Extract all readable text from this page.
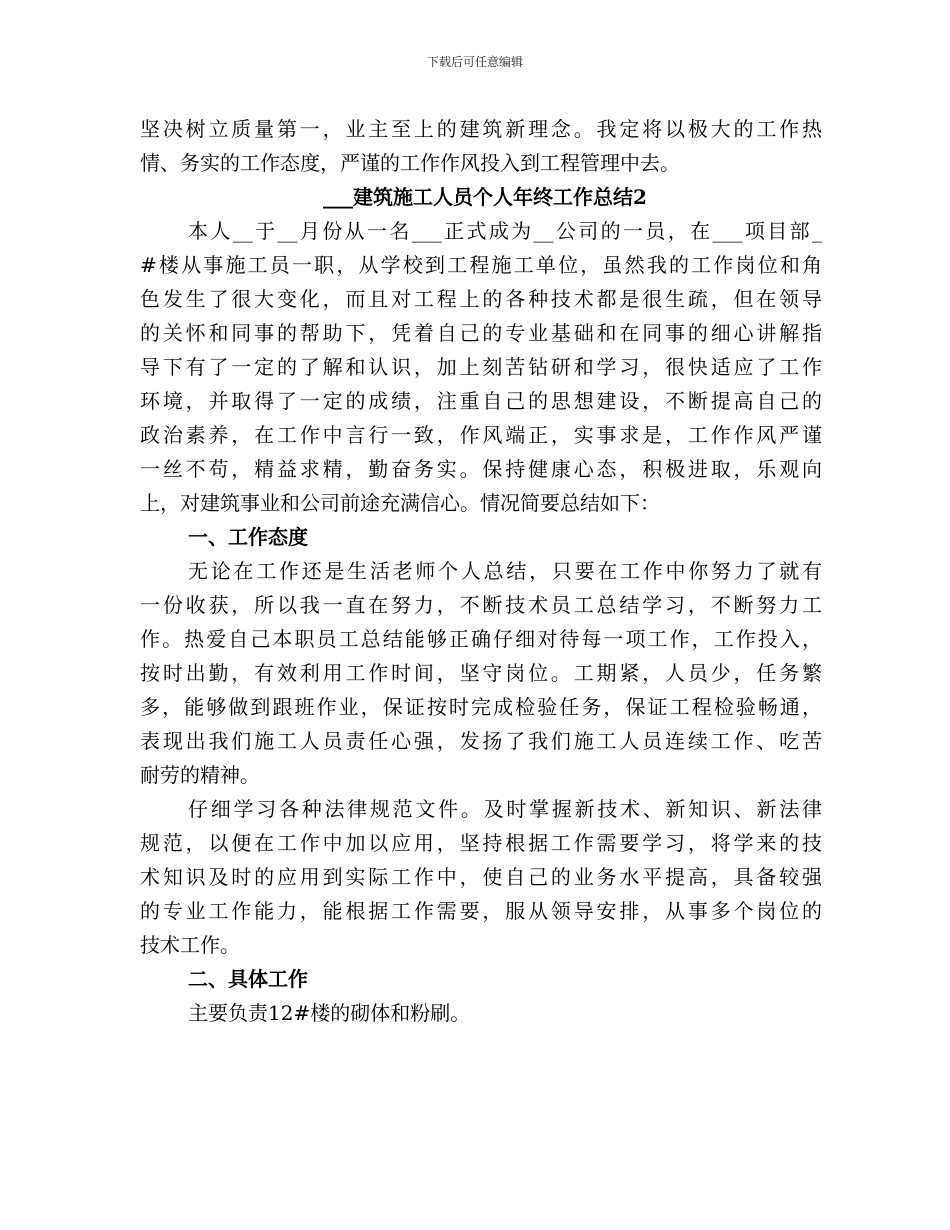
下载后可任意编辑
坚决树立质量第一，业主至上的建筑新理念。我定将以极大的工作热
情、务实的工作态度，严谨的工作作风投入到工程管理中去。
___建筑施工人员个人年终工作总结2
本人__于__月份从一名___正式成为__公司的一员，在___项目部_
#楼从事施工员一职，从学校到工程施工单位，虽然我的工作岗位和角
色发生了很大变化，而且对工程上的各种技术都是很生疏，但在领导
的关怀和同事的帮助下，凭着自己的专业基础和在同事的细心讲解指
导下有了一定的了解和认识，加上刻苦钻研和学习，很快适应了工作
环境，并取得了一定的成绩，注重自己的思想建设，不断提高自己的
政治素养，在工作中言行一致，作风端正，实事求是，工作作风严谨
一丝不苟，精益求精，勤奋务实。保持健康心态，积极进取，乐观向
上，对建筑事业和公司前途充满信心。情况简要总结如下：
一、工作态度
无论在工作还是生活老师个人总结，只要在工作中你努力了就有
一份收获，所以我一直在努力，不断技术员工总结学习，不断努力工
作。热爱自己本职员工总结能够正确仔细对待每一项工作，工作投入，
按时出勤，有效利用工作时间，坚守岗位。工期紧，人员少，任务繁
多，能够做到跟班作业，保证按时完成检验任务，保证工程检验畅通，
表现出我们施工人员责任心强，发扬了我们施工人员连续工作、吃苦
耐劳的精神。
仔细学习各种法律规范文件。及时掌握新技术、新知识、新法律
规范，以便在工作中加以应用，坚持根据工作需要学习，将学来的技
术知识及时的应用到实际工作中，使自己的业务水平提高，具备较强
的专业工作能力，能根据工作需要，服从领导安排，从事多个岗位的
技术工作。
二、具体工作
主要负责12#楼的砌体和粉刷。
